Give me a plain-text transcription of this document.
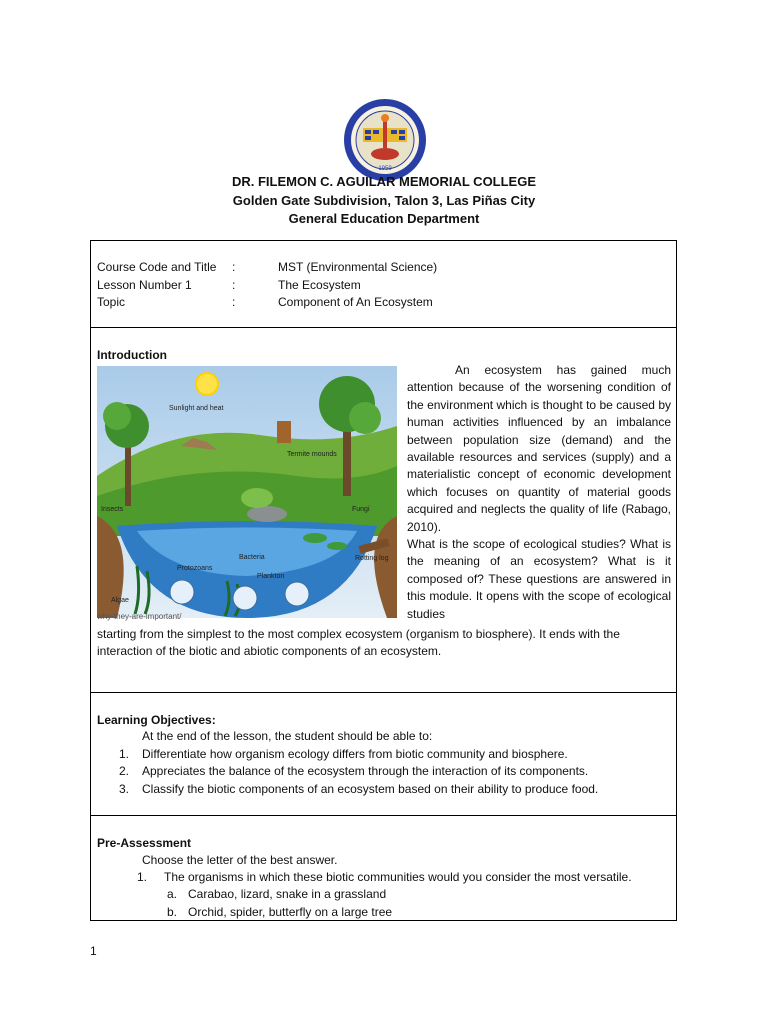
1959
DR. FILEMON C. AGUILAR MEMORIAL COLLEGE
Golden Gate Subdivision, Talon 3, Las Piñas City
General Education Department
Course Code and Title :	MST (Environmental Science)
Lesson Number 1	:	The Ecosystem
Topic	:	Component of An Ecosystem
Introduction
Sunlight and heat
Termite mounds
Insects	Fungi
Bacteria
Protozoans
Plankton
Rotting log
Algae
why-they-are-important/
An ecosystem has gained much attention because of the worsening condition of the environment which is thought to be caused by human activities influenced by an imbalance between population size (demand) and the available resources and services (supply) and a materialistic concept of economic development which focuses on quantity of material goods acquired and neglects the quality of life (Rabago, 2010).
What is the scope of ecological studies? What is the meaning of an ecosystem? What is it composed of? These questions are answered in this module. It opens with the scope of ecological studies
starting from the simplest to the most complex ecosystem (organism to biosphere). It ends with the interaction of the biotic and abiotic components of an ecosystem.
Learning Objectives:
At the end of the lesson, the student should be able to:
1. Differentiate how organism ecology differs from biotic community and biosphere.
2. Appreciates the balance of the ecosystem through the interaction of its components.
3. Classify the biotic components of an ecosystem based on their ability to produce food.
Pre-Assessment
Choose the letter of the best answer.
1. The organisms in which these biotic communities would you consider the most versatile.
a. Carabao, lizard, snake in a grassland
b. Orchid, spider, butterfly on a large tree
1
